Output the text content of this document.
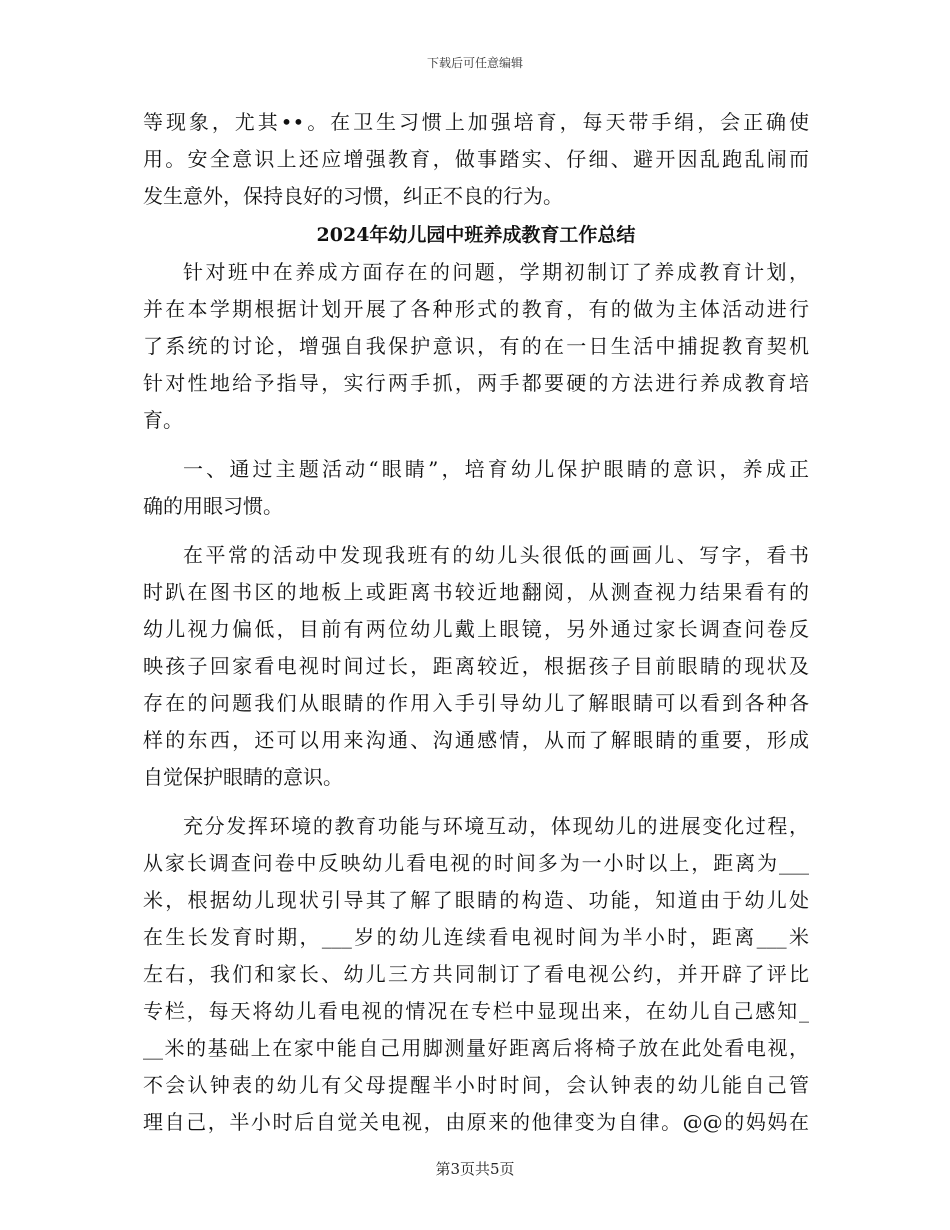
下载后可任意编辑
等现象，尤其••。在卫生习惯上加强培育，每天带手绢，会正确使
用。安全意识上还应增强教育，做事踏实、仔细、避开因乱跑乱闹而
发生意外，保持良好的习惯，纠正不良的行为。
2024年幼儿园中班养成教育工作总结
针对班中在养成方面存在的问题，学期初制订了养成教育计划，
并在本学期根据计划开展了各种形式的教育，有的做为主体活动进行
了系统的讨论，增强自我保护意识，有的在一日生活中捕捉教育契机
针对性地给予指导，实行两手抓，两手都要硬的方法进行养成教育培
育。
一、通过主题活动“眼睛”，培育幼儿保护眼睛的意识，养成正
确的用眼习惯。
在平常的活动中发现我班有的幼儿头很低的画画儿、写字，看书
时趴在图书区的地板上或距离书较近地翻阅，从测查视力结果看有的
幼儿视力偏低，目前有两位幼儿戴上眼镜，另外通过家长调查问卷反
映孩子回家看电视时间过长，距离较近，根据孩子目前眼睛的现状及
存在的问题我们从眼睛的作用入手引导幼儿了解眼睛可以看到各种各
样的东西，还可以用来沟通、沟通感情，从而了解眼睛的重要，形成
自觉保护眼睛的意识。
充分发挥环境的教育功能与环境互动，体现幼儿的进展变化过程，
从家长调查问卷中反映幼儿看电视的时间多为一小时以上，距离为___
米，根据幼儿现状引导其了解了眼睛的构造、功能，知道由于幼儿处
在生长发育时期，___岁的幼儿连续看电视时间为半小时，距离___米
左右，我们和家长、幼儿三方共同制订了看电视公约，并开辟了评比
专栏，每天将幼儿看电视的情况在专栏中显现出来，在幼儿自己感知_
__米的基础上在家中能自己用脚测量好距离后将椅子放在此处看电视，
不会认钟表的幼儿有父母提醒半小时时间，会认钟表的幼儿能自己管
理自己，半小时后自觉关电视，由原来的他律变为自律。@@的妈妈在
第3页共5页
